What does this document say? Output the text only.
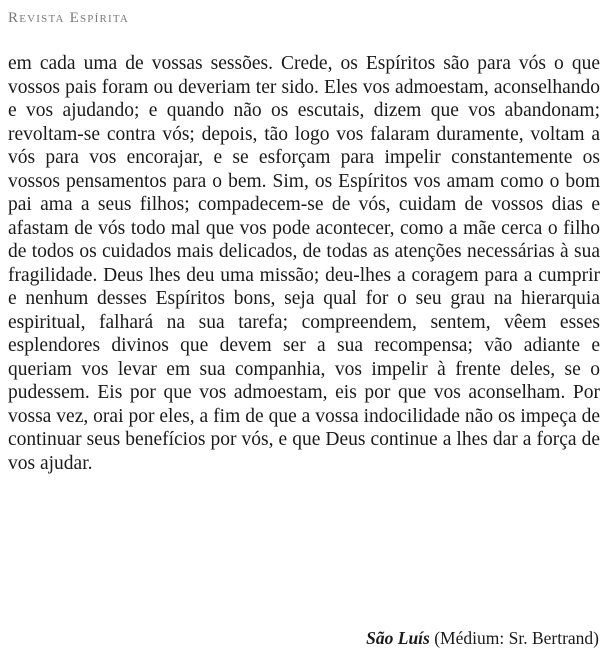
Revista Espírita

em cada uma de vossas sessões. Crede, os Espíritos são para vós o que vossos pais foram ou deveriam ter sido. Eles vos admoestam, aconselhando e vos ajudando; e quando não os escutais, dizem que vos abandonam; revoltam-se contra vós; depois, tão logo vos falaram duramente, voltam a vós para vos encorajar, e se esforçam para impelir constantemente os vossos pensamentos para o bem. Sim, os Espíritos vos amam como o bom pai ama a seus filhos; compadecem-se de vós, cuidam de vossos dias e afastam de vós todo mal que vos pode acontecer, como a mãe cerca o filho de todos os cuidados mais delicados, de todas as atenções necessárias à sua fragilidade. Deus lhes deu uma missão; deu-lhes a coragem para a cumprir e nenhum desses Espíritos bons, seja qual for o seu grau na hierarquia espiritual, falhará na sua tarefa; compreendem, sentem, vêem esses esplendores divinos que devem ser a sua recompensa; vão adiante e queriam vos levar em sua companhia, vos impelir à frente deles, se o pudessem. Eis por que vos admoestam, eis por que vos aconselham. Por vossa vez, orai por eles, a fim de que a vossa indocilidade não os impeça de continuar seus benefícios por vós, e que Deus continue a lhes dar a força de vos ajudar.

São Luís (Médium: Sr. Bertrand)
